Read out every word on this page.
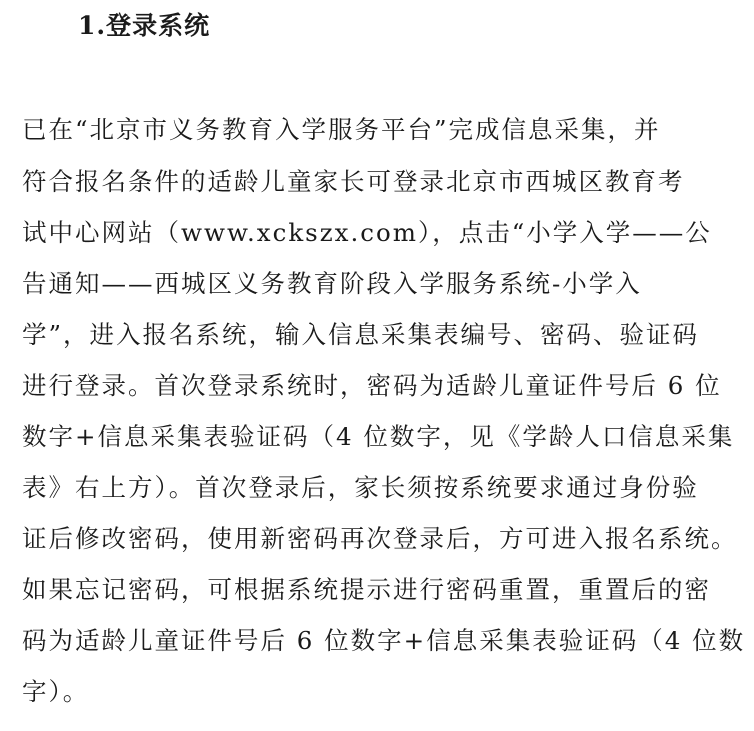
1.登录系统
已在“北京市义务教育入学服务平台”完成信息采集，并
符合报名条件的适龄儿童家长可登录北京市西城区教育考
试中心网站（www.xckszx.com），点击“小学入学——公
告通知——西城区义务教育阶段入学服务系统-小学入
学”，进入报名系统，输入信息采集表编号、密码、验证码
进行登录。首次登录系统时，密码为适龄儿童证件号后 6 位
数字+信息采集表验证码（4 位数字，见《学龄人口信息采集
表》右上方）。首次登录后，家长须按系统要求通过身份验
证后修改密码，使用新密码再次登录后，方可进入报名系统。
如果忘记密码，可根据系统提示进行密码重置，重置后的密
码为适龄儿童证件号后 6 位数字+信息采集表验证码（4 位数
字）。
